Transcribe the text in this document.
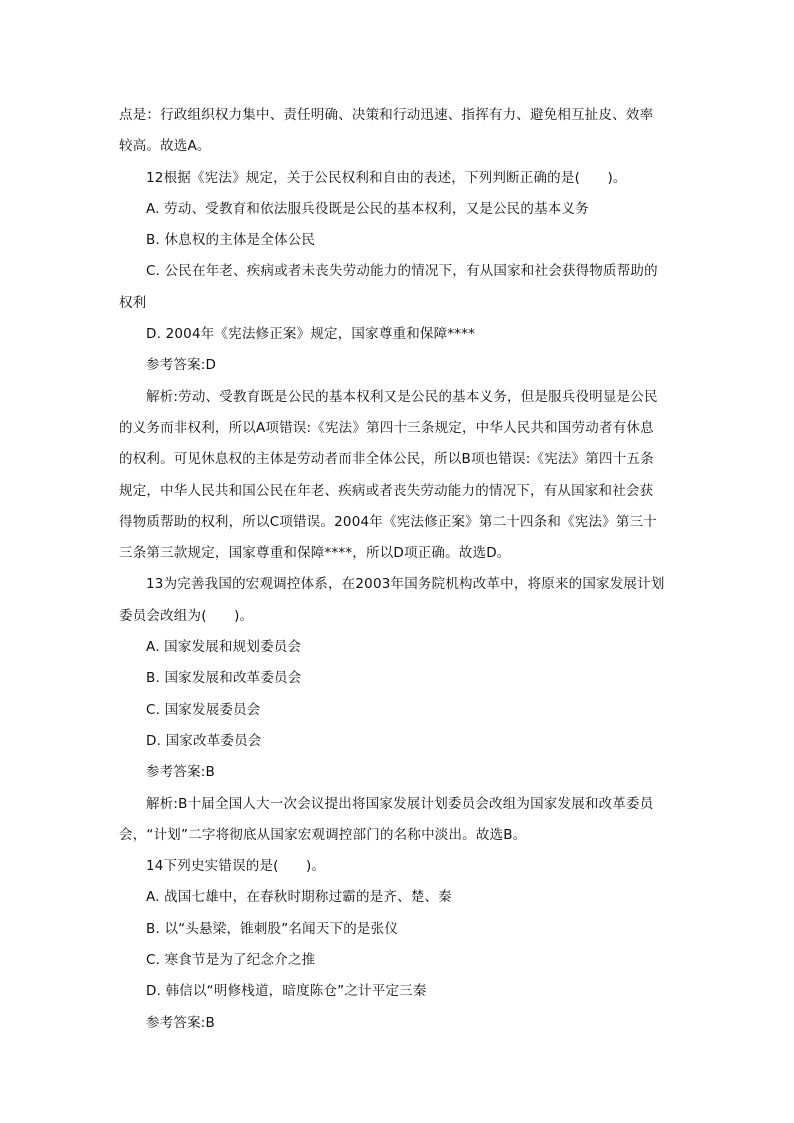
点是：行政组织权力集中、责任明确、决策和行动迅速、指挥有力、避免相互扯皮、效率
较高。故选A。
12根据《宪法》规定，关于公民权利和自由的表述，下列判断正确的是(　　)。
A. 劳动、受教育和依法服兵役既是公民的基本权利，又是公民的基本义务
B. 休息权的主体是全体公民
C. 公民在年老、疾病或者未丧失劳动能力的情况下，有从国家和社会获得物质帮助的
权利
D. 2004年《宪法修正案》规定，国家尊重和保障****
参考答案:D
解析:劳动、受教育既是公民的基本权利又是公民的基本义务，但是服兵役明显是公民
的义务而非权利，所以A项错误:《宪法》第四十三条规定，中华人民共和国劳动者有休息
的权利。可见休息权的主体是劳动者而非全体公民，所以B项也错误:《宪法》第四十五条
规定，中华人民共和国公民在年老、疾病或者丧失劳动能力的情况下，有从国家和社会获
得物质帮助的权利，所以C项错误。2004年《宪法修正案》第二十四条和《宪法》第三十
三条第三款规定，国家尊重和保障****，所以D项正确。故选D。
13为完善我国的宏观调控体系，在2003年国务院机构改革中，将原来的国家发展计划
委员会改组为(　　)。
A. 国家发展和规划委员会
B. 国家发展和改革委员会
C. 国家发展委员会
D. 国家改革委员会
参考答案:B
解析:B十届全国人大一次会议提出将国家发展计划委员会改组为国家发展和改革委员
会，“计划”二字将彻底从国家宏观调控部门的名称中淡出。故选B。
14下列史实错误的是(　　)。
A. 战国七雄中，在春秋时期称过霸的是齐、楚、秦
B. 以“头悬梁，锥刺股”名闻天下的是张仪
C. 寒食节是为了纪念介之推
D. 韩信以“明修栈道，暗度陈仓”之计平定三秦
参考答案:B
